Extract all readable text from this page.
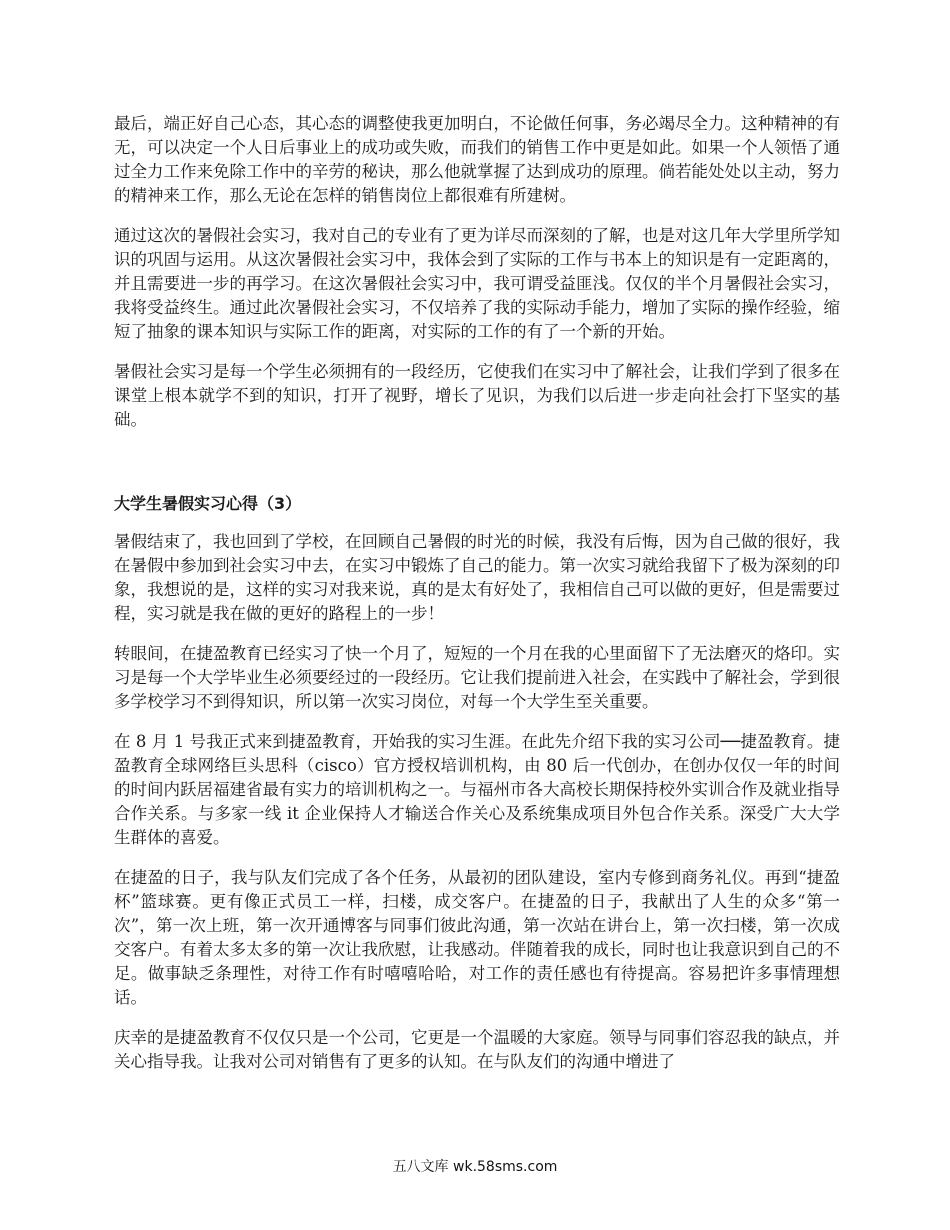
最后，端正好自己心态，其心态的调整使我更加明白，不论做任何事，务必竭尽全力。这种精神的有无，可以决定一个人日后事业上的成功或失败，而我们的销售工作中更是如此。如果一个人领悟了通过全力工作来免除工作中的辛劳的秘诀，那么他就掌握了达到成功的原理。倘若能处处以主动，努力的精神来工作，那么无论在怎样的销售岗位上都很难有所建树。

通过这次的暑假社会实习，我对自己的专业有了更为详尽而深刻的了解，也是对这几年大学里所学知识的巩固与运用。从这次暑假社会实习中，我体会到了实际的工作与书本上的知识是有一定距离的，并且需要进一步的再学习。在这次暑假社会实习中，我可谓受益匪浅。仅仅的半个月暑假社会实习，我将受益终生。通过此次暑假社会实习，不仅培养了我的实际动手能力，增加了实际的操作经验，缩短了抽象的课本知识与实际工作的距离，对实际的工作的有了一个新的开始。

暑假社会实习是每一个学生必须拥有的一段经历，它使我们在实习中了解社会，让我们学到了很多在课堂上根本就学不到的知识，打开了视野，增长了见识，为我们以后进一步走向社会打下坚实的基础。

大学生暑假实习心得（3）

暑假结束了，我也回到了学校，在回顾自己暑假的时光的时候，我没有后悔，因为自己做的很好，我在暑假中参加到社会实习中去，在实习中锻炼了自己的能力。第一次实习就给我留下了极为深刻的印象，我想说的是，这样的实习对我来说，真的是太有好处了，我相信自己可以做的更好，但是需要过程，实习就是我在做的更好的路程上的一步！

转眼间，在捷盈教育已经实习了快一个月了，短短的一个月在我的心里面留下了无法磨灭的烙印。实习是每一个大学毕业生必须要经过的一段经历。它让我们提前进入社会，在实践中了解社会，学到很多学校学习不到得知识，所以第一次实习岗位，对每一个大学生至关重要。

在 8 月 1 号我正式来到捷盈教育，开始我的实习生涯。在此先介绍下我的实习公司──捷盈教育。捷盈教育全球网络巨头思科（cisco）官方授权培训机构，由 80 后一代创办，在创办仅仅一年的时间的时间内跃居福建省最有实力的培训机构之一。与福州市各大高校长期保持校外实训合作及就业指导合作关系。与多家一线 it 企业保持人才输送合作关心及系统集成项目外包合作关系。深受广大大学生群体的喜爱。

在捷盈的日子，我与队友们完成了各个任务，从最初的团队建设，室内专修到商务礼仪。再到“捷盈杯”篮球赛。更有像正式员工一样，扫楼，成交客户。在捷盈的日子，我献出了人生的众多“第一次”，第一次上班，第一次开通博客与同事们彼此沟通，第一次站在讲台上，第一次扫楼，第一次成交客户。有着太多太多的第一次让我欣慰，让我感动。伴随着我的成长，同时也让我意识到自己的不足。做事缺乏条理性，对待工作有时嘻嘻哈哈，对工作的责任感也有待提高。容易把许多事情理想话。

庆幸的是捷盈教育不仅仅只是一个公司，它更是一个温暖的大家庭。领导与同事们容忍我的缺点，并关心指导我。让我对公司对销售有了更多的认知。在与队友们的沟通中增进了

五八文库 wk.58sms.com
